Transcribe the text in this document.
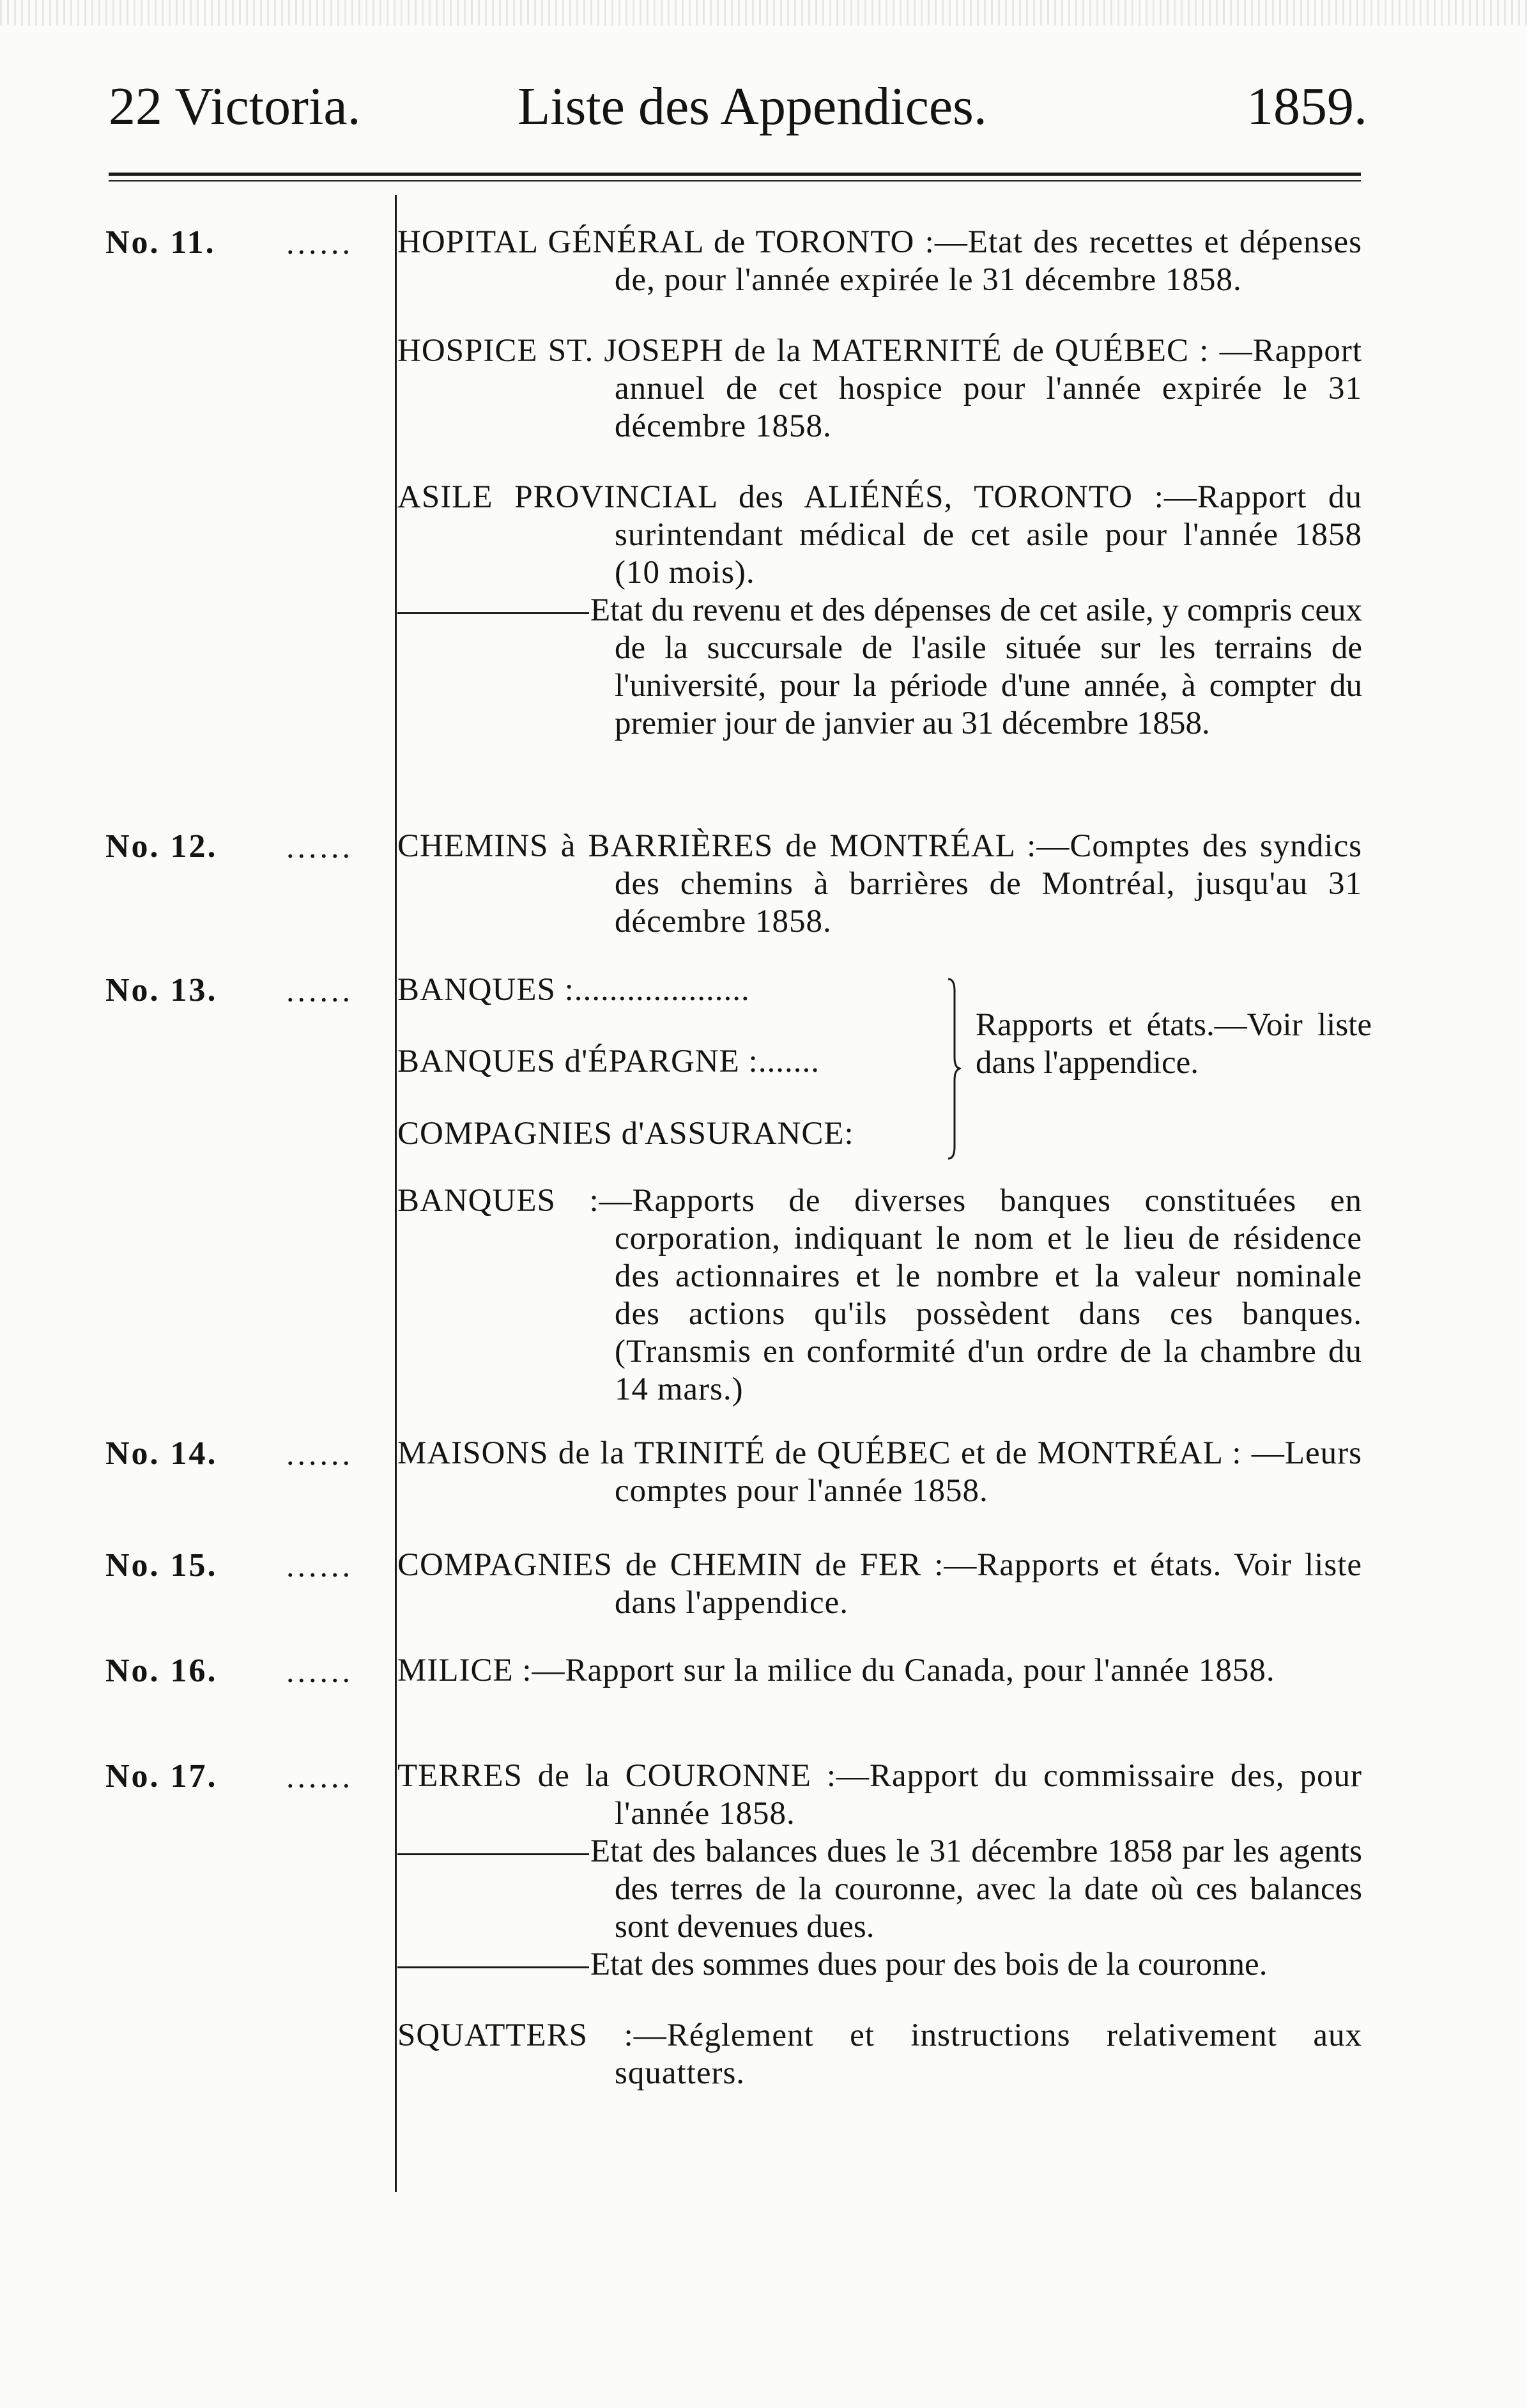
22 Victoria.	Liste des Appendices.	1859.
No. 11. ......	HOPITAL GÉNÉRAL de TORONTO :—Etat des recettes et dépenses de, pour l'année expirée le 31 décembre 1858.

HOSPICE ST. JOSEPH de la MATERNITÉ de QUÉBEC : —Rapport annuel de cet hospice pour l'année expirée le 31 décembre 1858.

ASILE PROVINCIAL des ALIÉNÉS, TORONTO :—Rapport du surintendant médical de cet asile pour l'année 1858 (10 mois).

Etat du revenu et des dépenses de cet asile, y compris ceux de la succursale de l'asile située sur les terrains de l'université, pour la période d'une année, à compter du premier jour de janvier au 31 décembre 1858.

No. 12. ......	CHEMINS à BARRIÈRES de MONTRÉAL :—Comptes des syndics des chemins à barrières de Montréal, jusqu'au 31 décembre 1858.

No. 13. ......	BANQUES :....................
BANQUES d'ÉPARGNE :.......
COMPAGNIES d'ASSURANCE:
Rapports et états.—Voir liste dans l'appendice.

BANQUES :—Rapports de diverses banques constituées en corporation, indiquant le nom et le lieu de résidence des actionnaires et le nombre et la valeur nominale des actions qu'ils possèdent dans ces banques. (Transmis en conformité d'un ordre de la chambre du 14 mars.)

No. 14. ......	MAISONS de la TRINITÉ de QUÉBEC et de MONTRÉAL : —Leurs comptes pour l'année 1858.

No. 15. ......	COMPAGNIES de CHEMIN de FER :—Rapports et états. Voir liste dans l'appendice.

No. 16. ......	MILICE :—Rapport sur la milice du Canada, pour l'année 1858.

No. 17. ......	TERRES de la COURONNE :—Rapport du commissaire des, pour l'année 1858.

Etat des balances dues le 31 décembre 1858 par les agents des terres de la couronne, avec la date où ces balances sont devenues dues.

Etat des sommes dues pour des bois de la couronne.

SQUATTERS :—Réglement et instructions relativement aux squatters.
